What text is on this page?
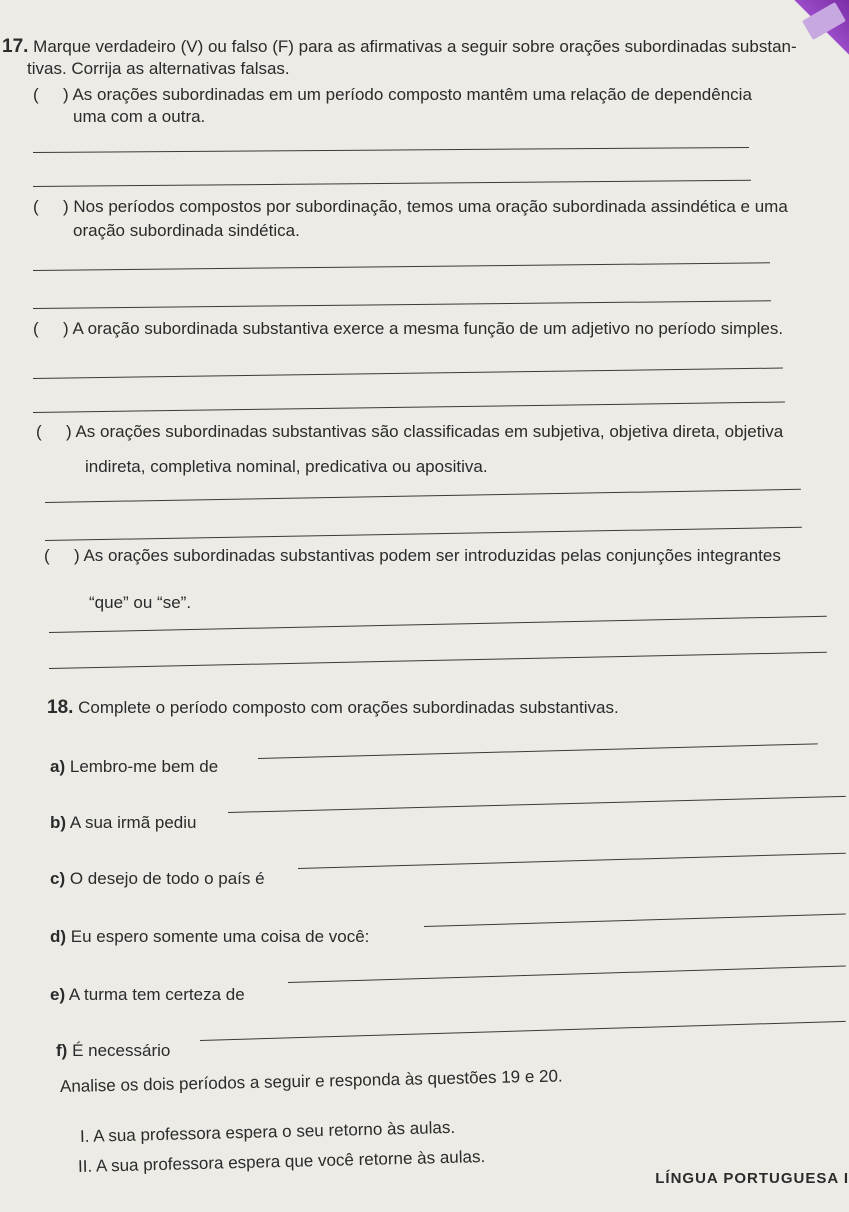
17. Marque verdadeiro (V) ou falso (F) para as afirmativas a seguir sobre orações subordinadas substan-
tivas. Corrija as alternativas falsas.
( ) As orações subordinadas em um período composto mantêm uma relação de dependência
uma com a outra.
( ) Nos períodos compostos por subordinação, temos uma oração subordinada assindética e uma
oração subordinada sindética.
( ) A oração subordinada substantiva exerce a mesma função de um adjetivo no período simples.
( ) As orações subordinadas substantivas são classificadas em subjetiva, objetiva direta, objetiva
indireta, completiva nominal, predicativa ou apositiva.
( ) As orações subordinadas substantivas podem ser introduzidas pelas conjunções integrantes
“que” ou “se”.
18. Complete o período composto com orações subordinadas substantivas.
a) Lembro-me bem de
b) A sua irmã pediu
c) O desejo de todo o país é
d) Eu espero somente uma coisa de você:
e) A turma tem certeza de
f) É necessário
Analise os dois períodos a seguir e responda às questões 19 e 20.
I. A sua professora espera o seu retorno às aulas.
II. A sua professora espera que você retorne às aulas.
LÍNGUA PORTUGUESA I
